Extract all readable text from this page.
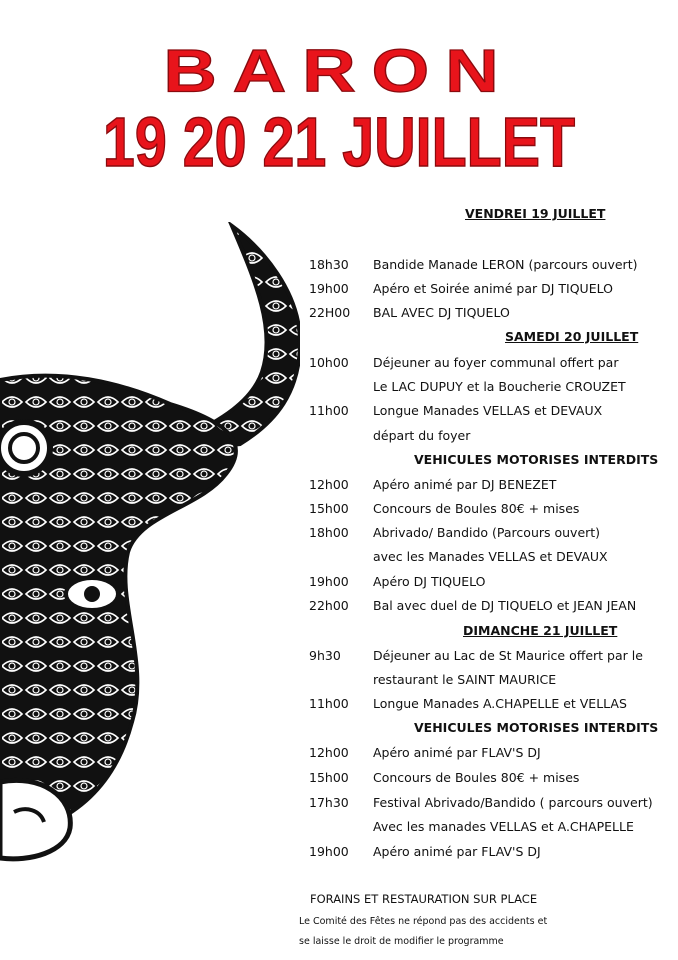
BARON
19 20 21 JUILLET
VENDREI 19 JUILLET
18h30 Bandide Manade LERON (parcours ouvert)
19h00 Apéro et Soirée animé par DJ TIQUELO
22H00 BAL AVEC DJ TIQUELO
SAMEDI 20 JUILLET
10h00 Déjeuner au foyer communal offert par
Le LAC DUPUY et la Boucherie CROUZET
11h00 Longue Manades VELLAS et DEVAUX
départ du foyer
VEHICULES MOTORISES INTERDITS
12h00 Apéro animé par DJ BENEZET
15h00 Concours de Boules 80€ + mises
18h00 Abrivado/ Bandido (Parcours ouvert)
avec les Manades VELLAS et DEVAUX
19h00 Apéro DJ TIQUELO
22h00 Bal avec duel de DJ TIQUELO et JEAN JEAN
DIMANCHE 21 JUILLET
9h30	Déjeuner au Lac de St Maurice offert par le
restaurant le SAINT MAURICE
11h00 Longue Manades A.CHAPELLE et VELLAS
VEHICULES MOTORISES INTERDITS
12h00 Apéro animé par FLAV'S DJ
15h00 Concours de Boules 80€ + mises
17h30 Festival Abrivado/Bandido ( parcours ouvert)
Avec les manades VELLAS et A.CHAPELLE
19h00 Apéro animé par FLAV'S DJ
FORAINS ET RESTAURATION SUR PLACE
Le Comité des Fêtes ne répond pas des accidents et
se laisse le droit de modifier le programme
